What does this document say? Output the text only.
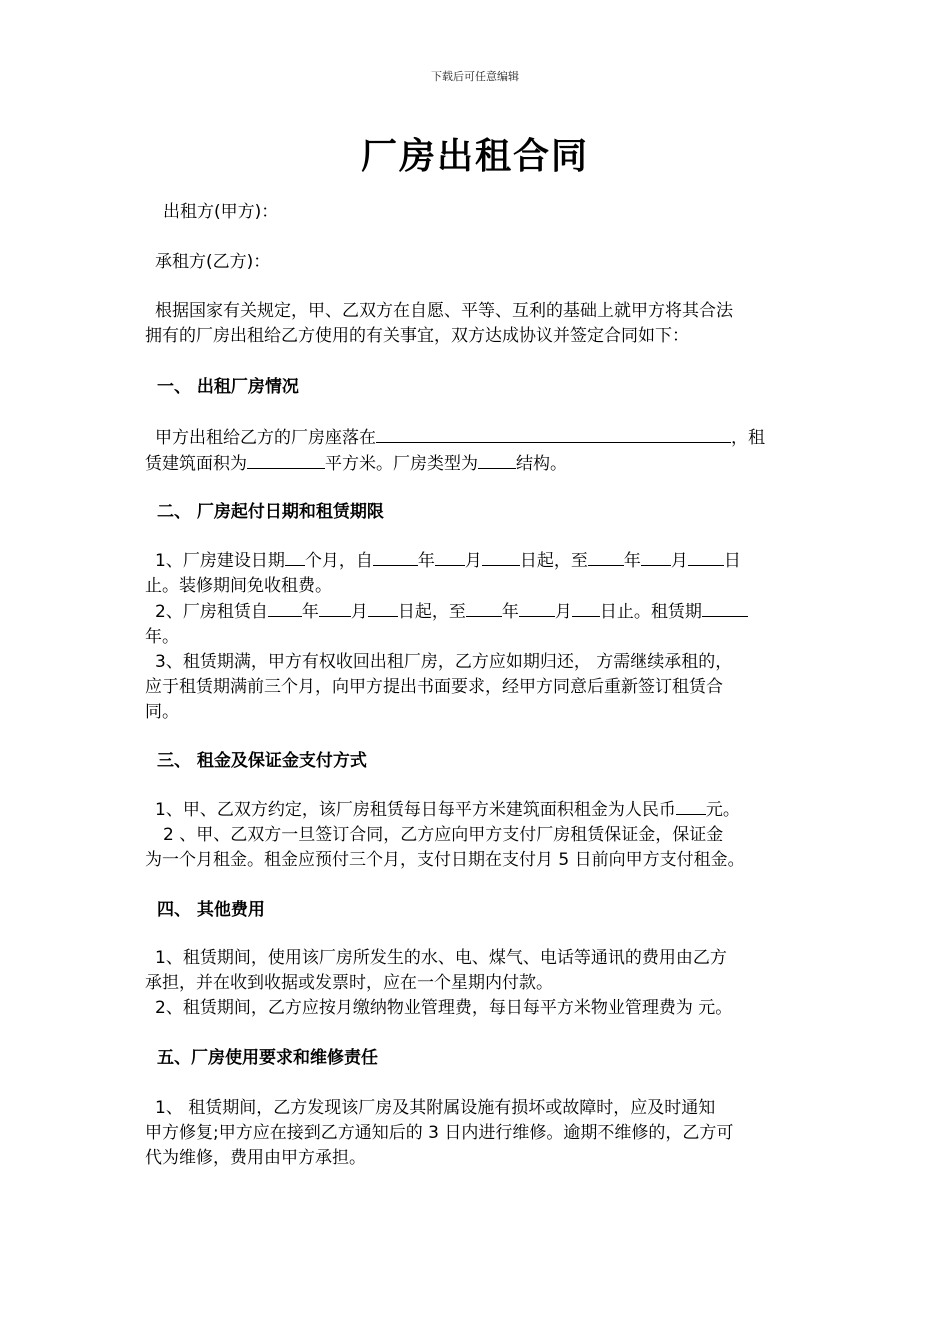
下载后可任意编辑
厂房出租合同
出租方(甲方)：
承租方(乙方)：

根据国家有关规定，甲、乙双方在自愿、平等、互利的基础上就甲方将其合法

拥有的厂房出租给乙方使用的有关事宜，双方达成协议并签定合同如下：

一、 出租厂房情况

甲方出租给乙方的厂房座落在	，租

赁建筑面积为	平方米。厂房类型为 结构。

二、 厂房起付日期和租赁期限

1、厂房建设日期 个月，自	年 月 日起，至 年 月 日

止。装修期间免收租费。

2、厂房租赁自 年 月 日起，至 年 月 日止。租赁期

年。

3、租赁期满，甲方有权收回出租厂房，乙方应如期归还， 方需继续承租的，

应于租赁期满前三个月，向甲方提出书面要求，经甲方同意后重新签订租赁合

同。

三、 租金及保证金支付方式

1、甲、乙双方约定，该厂房租赁每日每平方米建筑面积租金为人民币 元。

2 、甲、乙双方一旦签订合同，乙方应向甲方支付厂房租赁保证金，保证金

为一个月租金。租金应预付三个月，支付日期在支付月 5 日前向甲方支付租金。

四、 其他费用

1、租赁期间，使用该厂房所发生的水、电、煤气、电话等通讯的费用由乙方

承担，并在收到收据或发票时，应在一个星期内付款。

2、租赁期间，乙方应按月缴纳物业管理费，每日每平方米物业管理费为 元。

五、厂房使用要求和维修责任

1、 租赁期间，乙方发现该厂房及其附属设施有损坏或故障时，应及时通知

甲方修复;甲方应在接到乙方通知后的 3 日内进行维修。逾期不维修的，乙方可

代为维修，费用由甲方承担。
